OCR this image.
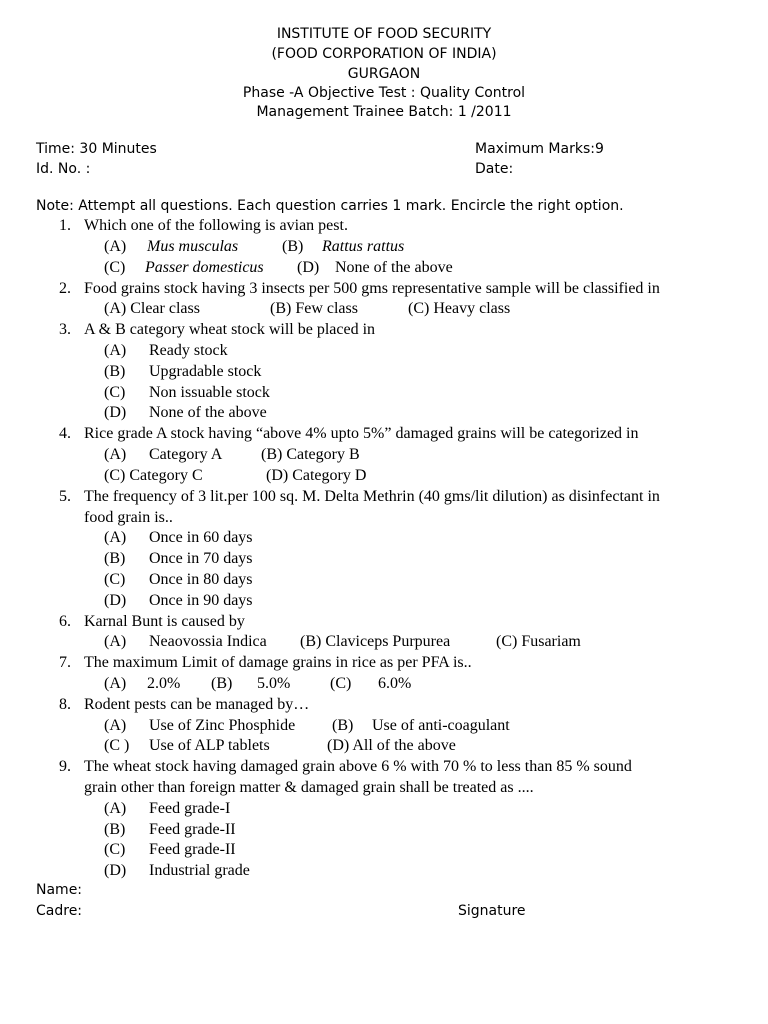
INSTITUTE OF FOOD SECURITY
(FOOD CORPORATION OF INDIA)
GURGAON
Phase -A Objective Test : Quality Control
Management Trainee Batch: 1 /2011
Time: 30 Minutes	Maximum Marks:9
Id. No. :	Date:
Note: Attempt all questions. Each question carries 1 mark. Encircle the right option.
1. Which one of the following is avian pest.
(A) Mus musculas	(B) Rattus rattus
(C) Passer domesticus (D) None of the above
2. Food grains stock having 3 insects per 500 gms representative sample will be classified in
(A) Clear class	(B) Few class	(C) Heavy class
3. A & B category wheat stock will be placed in
(A) Ready stock
(B) Upgradable stock
(C) Non issuable stock
(D) None of the above
4. Rice grade A stock having “above 4% upto 5%” damaged grains will be categorized in
(A) Category A (B) Category B
(C) Category C	(D) Category D
5. The frequency of 3 lit.per 100 sq. M. Delta Methrin (40 gms/lit dilution) as disinfectant in
food grain is..
(A) Once in 60 days
(B) Once in 70 days
(C) Once in 80 days
(D) Once in 90 days
6. Karnal Bunt is caused by
(A) Neaovossia Indica (B) Claviceps Purpurea	(C) Fusariam
7. The maximum Limit of damage grains in rice as per PFA is..
(A) 2.0% (B) 5.0% (C) 6.0%
8. Rodent pests can be managed by…
(A) Use of Zinc Phosphide (B) Use of anti-coagulant
(C ) Use of ALP tablets	(D) All of the above
9. The wheat stock having damaged grain above 6 % with 70 % to less than 85 % sound
grain other than foreign matter & damaged grain shall be treated as ....
(A) Feed grade-I
(B) Feed grade-II
(C) Feed grade-II
(D) Industrial grade
Name:
Cadre:	Signature
